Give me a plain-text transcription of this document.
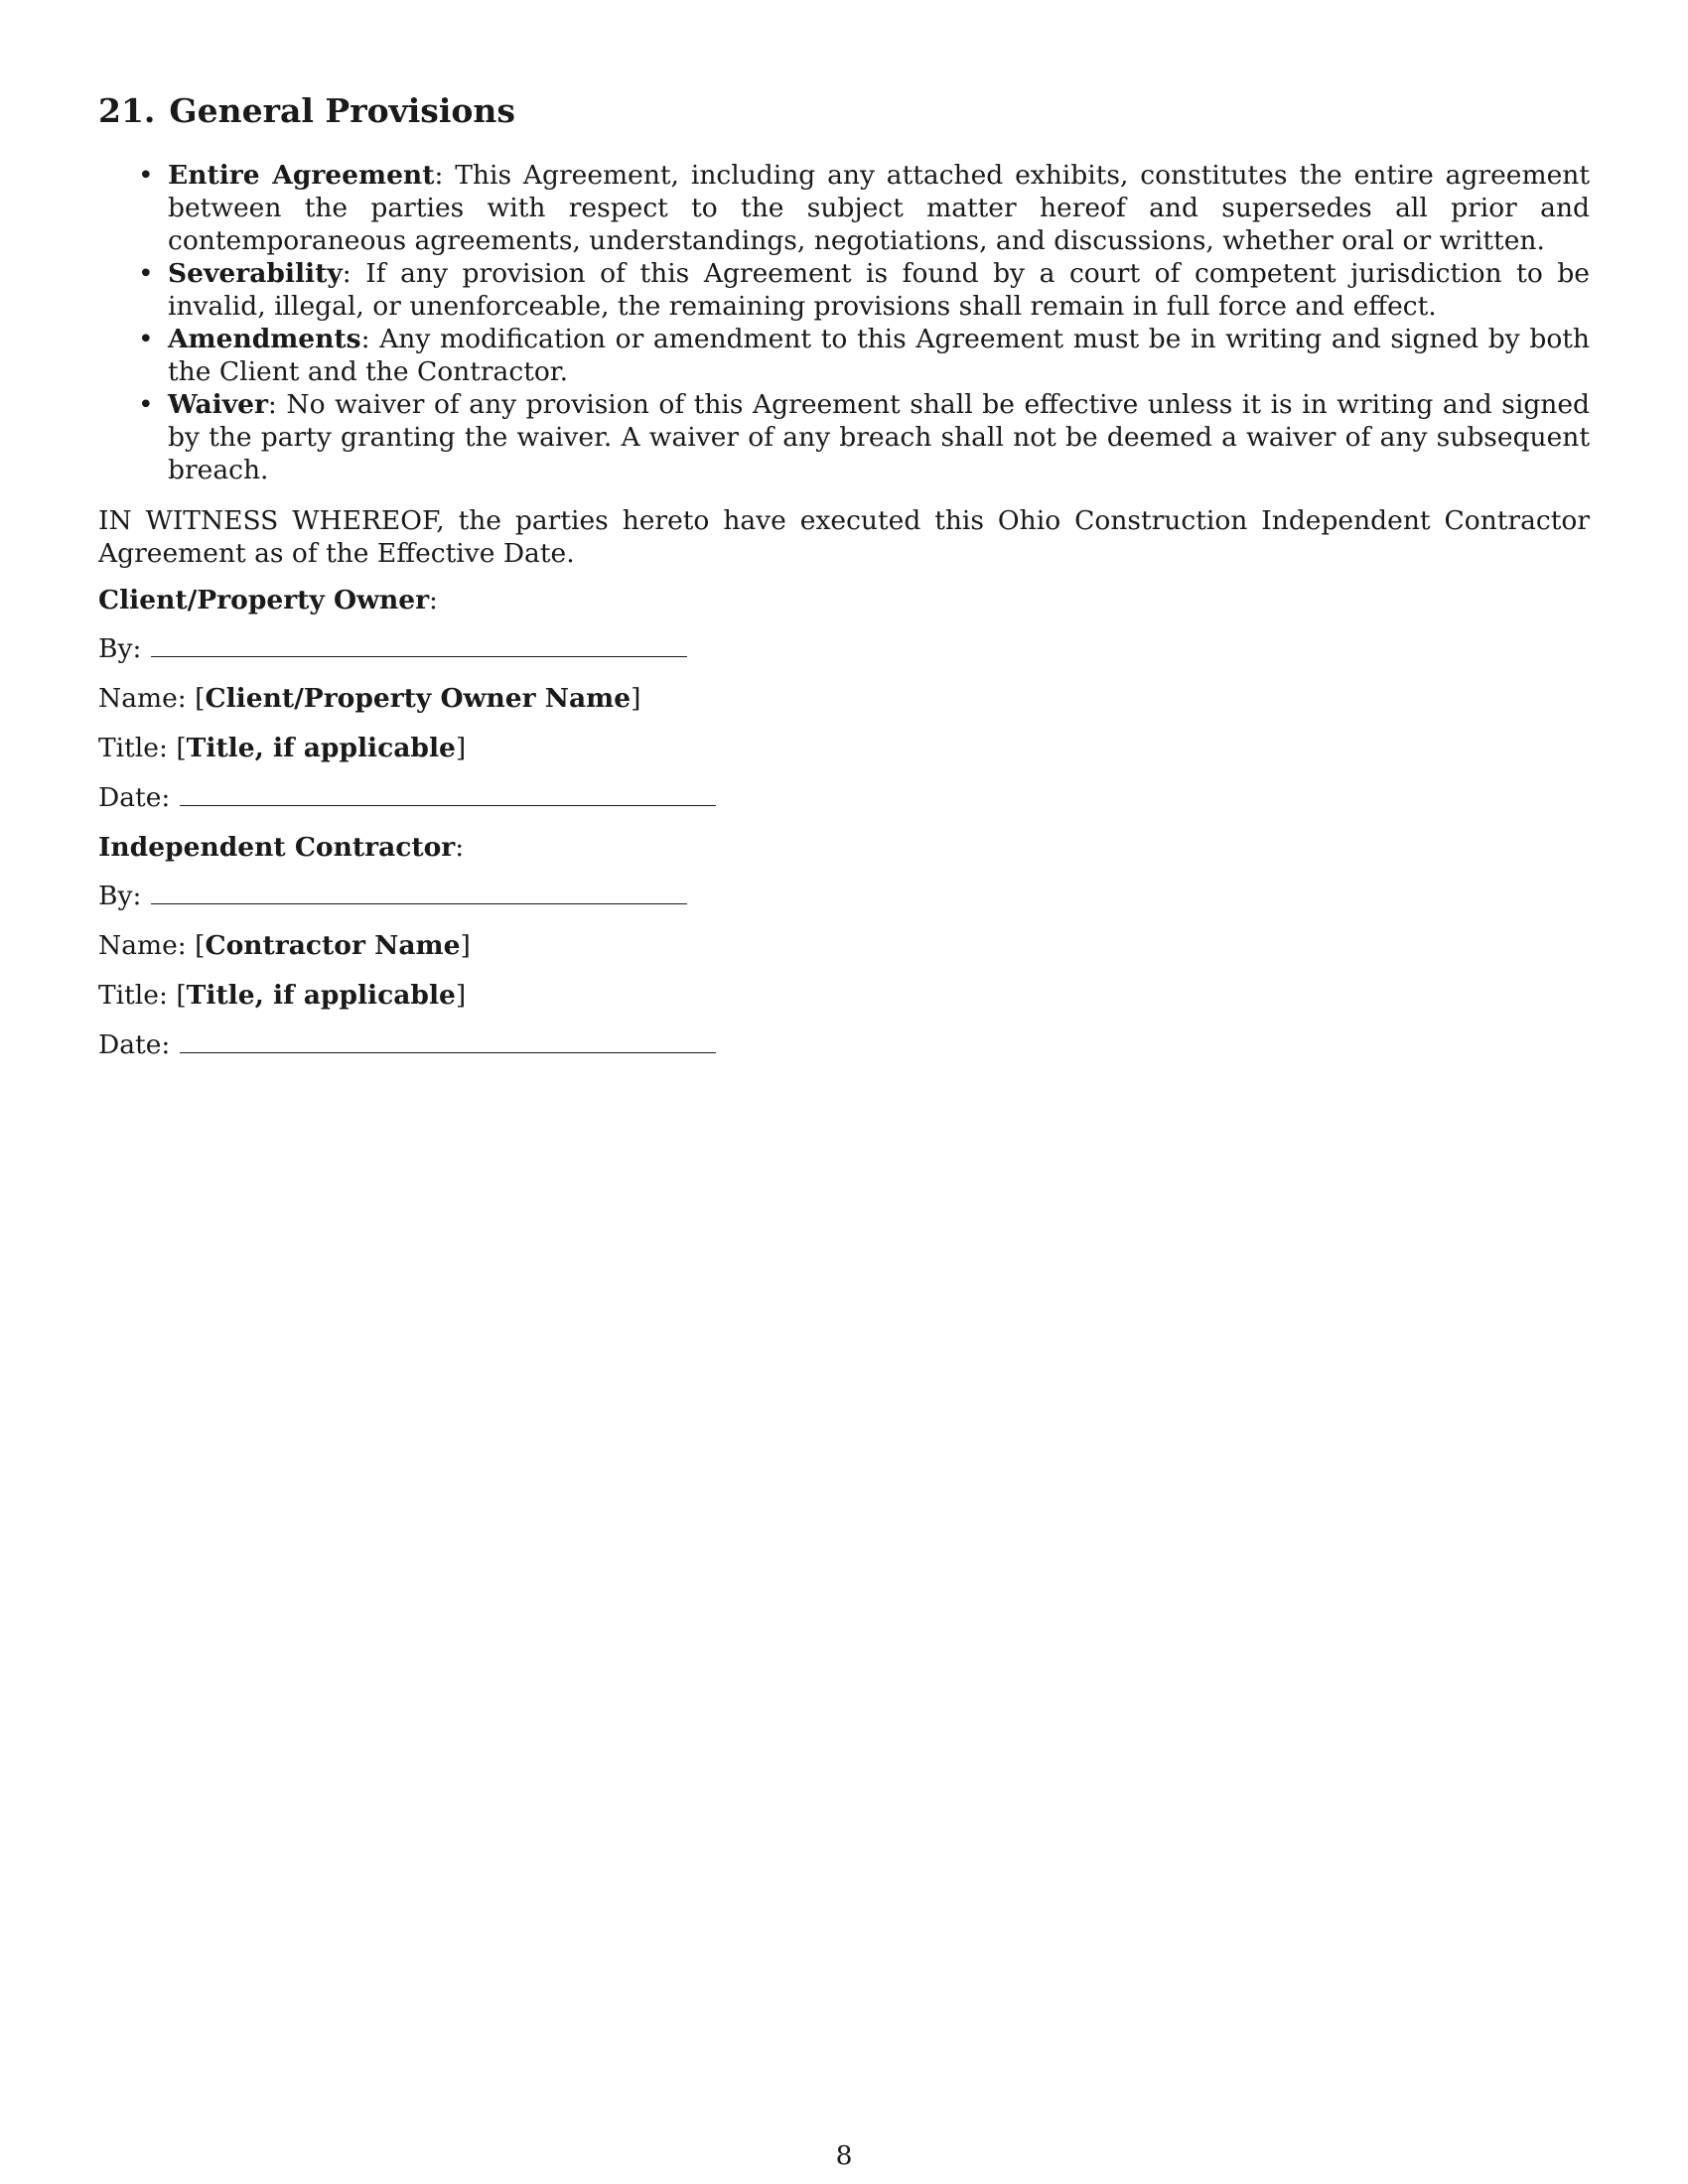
21. General Provisions
• Entire Agreement: This Agreement, including any attached exhibits, constitutes the entire agreement between the parties with respect to the subject matter hereof and supersedes all prior and contemporaneous agreements, understandings, negotiations, and discussions, whether oral or written.
• Severability: If any provision of this Agreement is found by a court of competent jurisdiction to be invalid, illegal, or unenforceable, the remaining provisions shall remain in full force and effect.
• Amendments: Any modification or amendment to this Agreement must be in writing and signed by both the Client and the Contractor.
• Waiver: No waiver of any provision of this Agreement shall be effective unless it is in writing and signed by the party granting the waiver. A waiver of any breach shall not be deemed a waiver of any subsequent breach.

IN WITNESS WHEREOF, the parties hereto have executed this Ohio Construction Independent Contractor Agreement as of the Effective Date.

Client/Property Owner:

By:

Name: [Client/Property Owner Name]

Title: [Title, if applicable]

Date:

Independent Contractor:

By:

Name: [Contractor Name]

Title: [Title, if applicable]

Date:

8
